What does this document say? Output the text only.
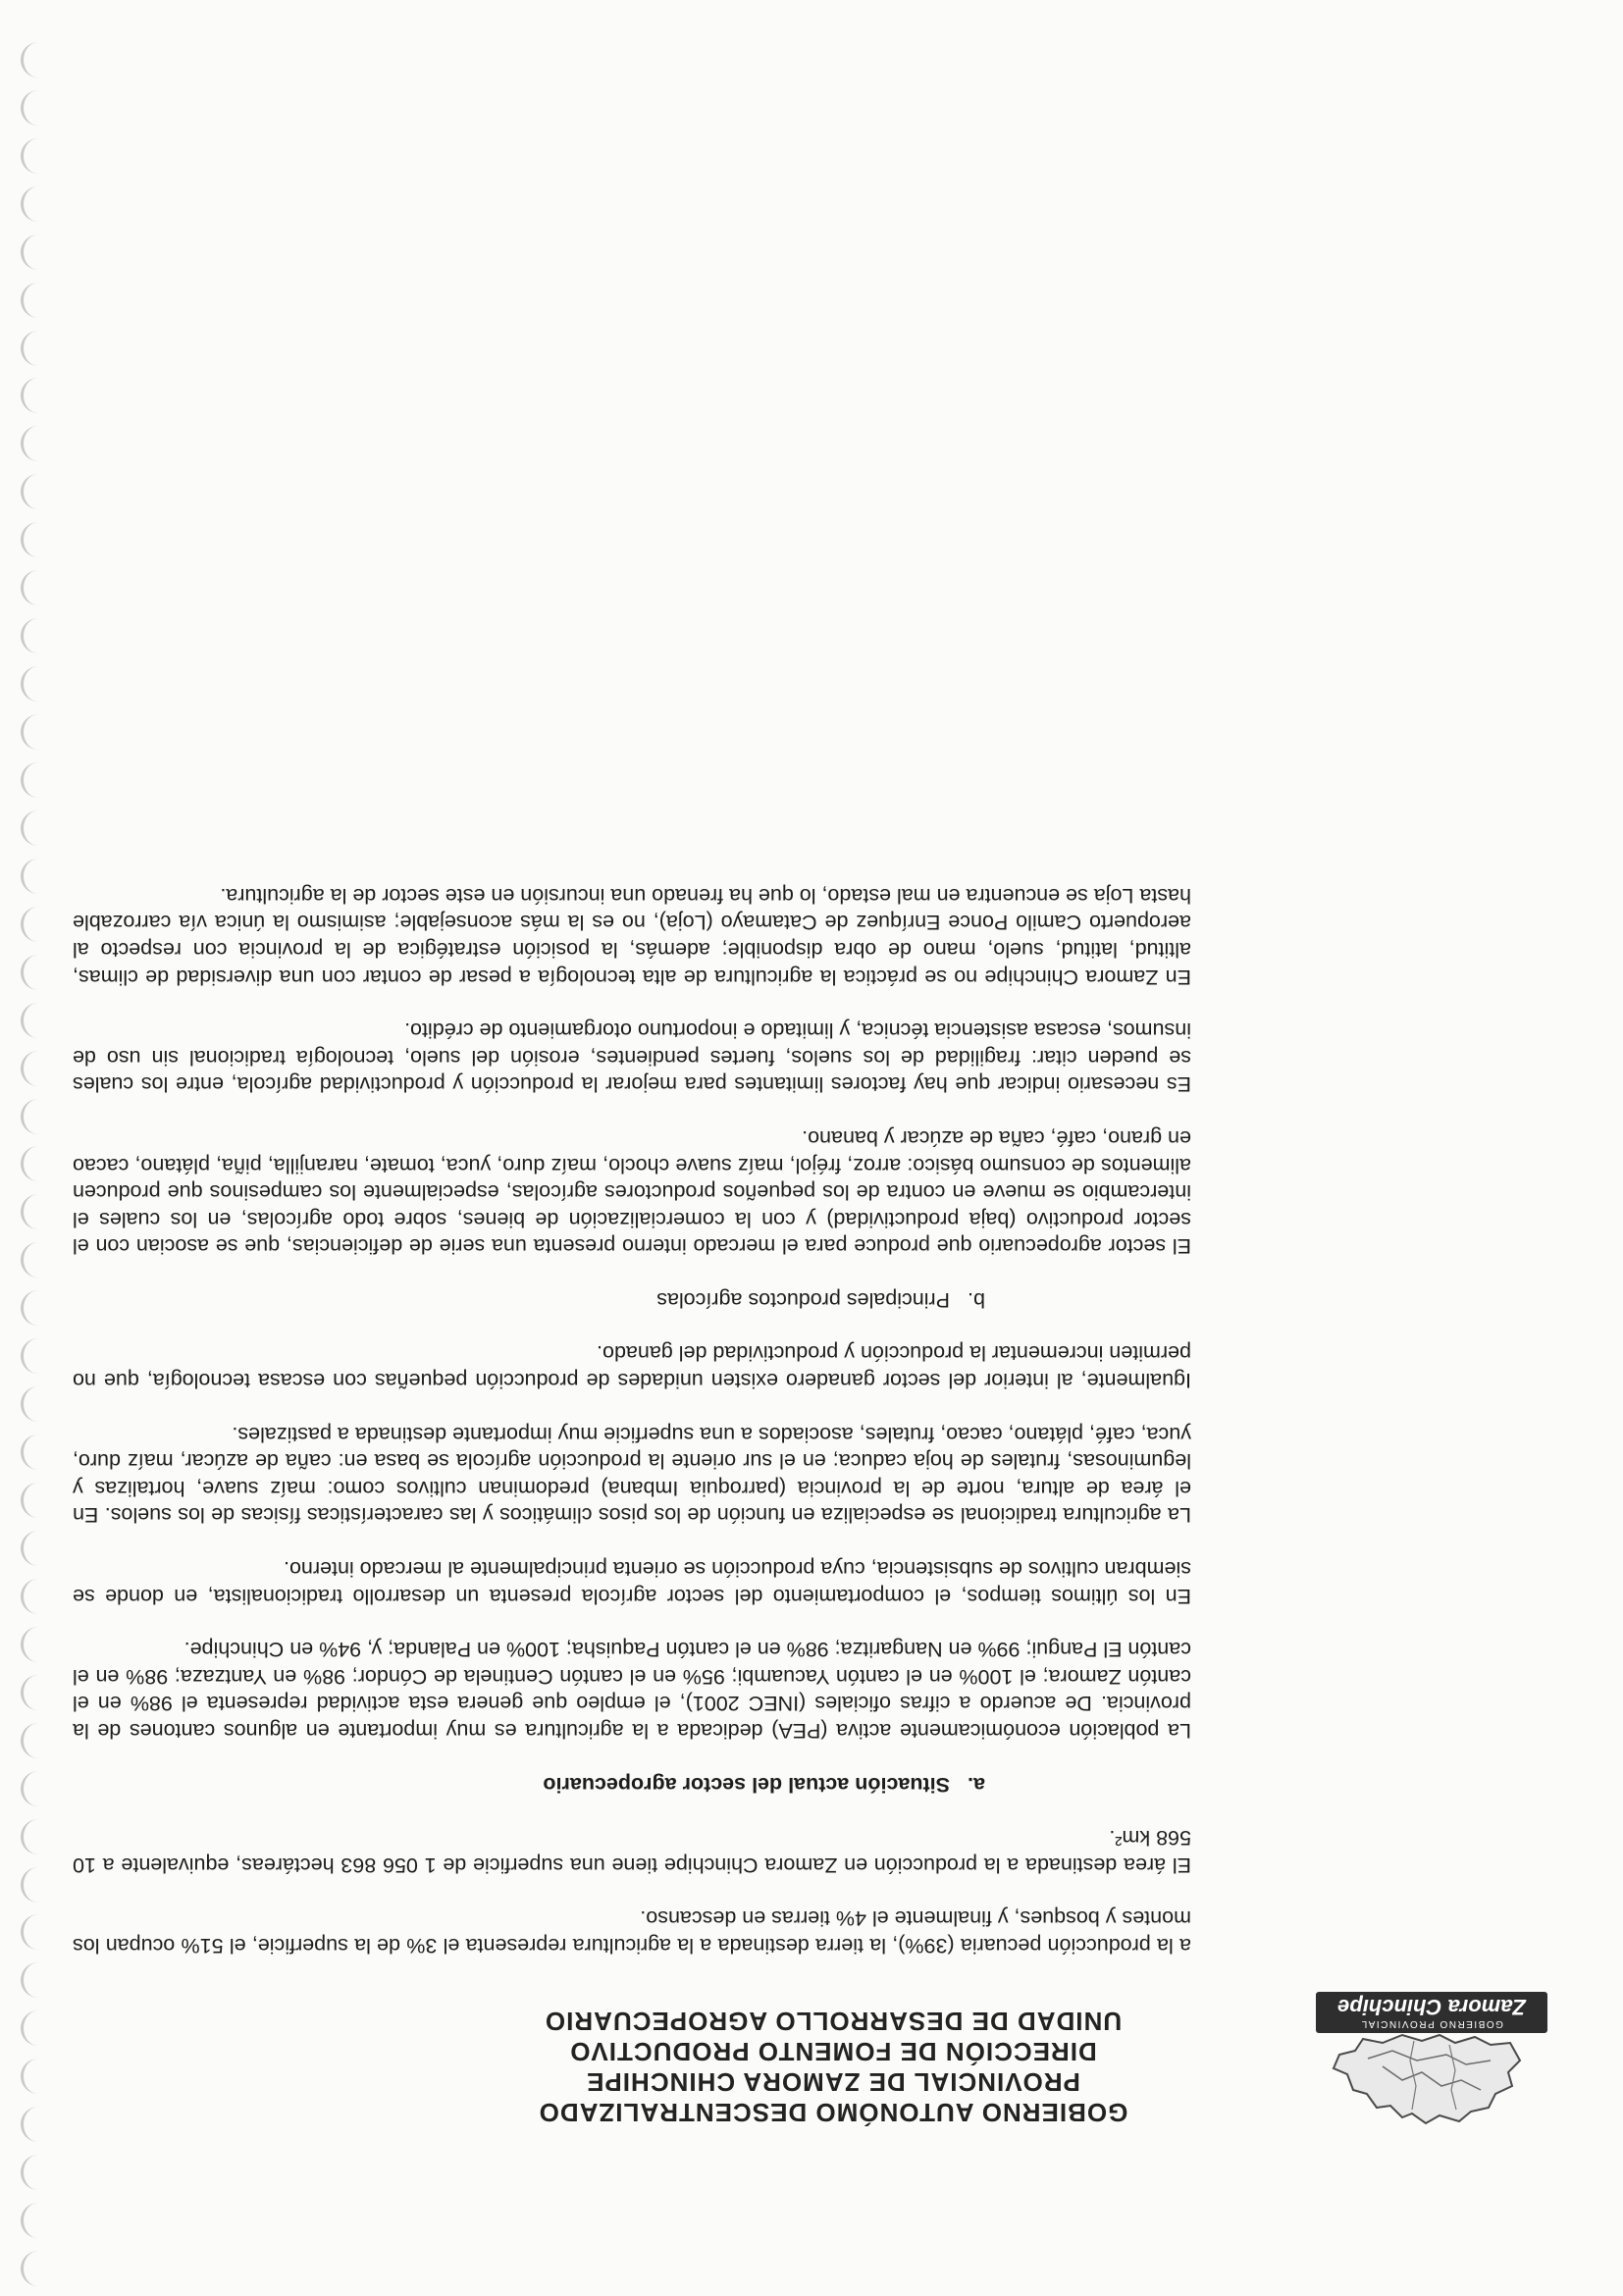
GOBIERNO PROVINCIAL
Zamora Chinchipe
GOBIERNO AUTONÓMO DESCENTRALIZADO
PROVINCIAL DE ZAMORA CHINCHIPE
DIRECCIÓN DE FOMENTO PRODUCTIVO
UNIDAD DE DESARROLLO AGROPECUARIO

a la producción pecuaria (39%), la tierra destinada a la agricultura representa el 3% de la superficie, el 51% ocupan los montes y bosques, y finalmente el 4% tierras en descanso.

El área destinada a la producción en Zamora Chinchipe tiene una superficie de 1 056 863 hectáreas, equivalente a 10 568 km².

a.Situación actual del sector agropecuario

La población económicamente activa (PEA) dedicada a la agricultura es muy importante en algunos cantones de la provincia. De acuerdo a cifras oficiales (INEC 2001), el empleo que genera esta actividad representa el 98% en el cantón Zamora; el 100% en el cantón Yacuambi; 95% en el cantón Centinela de Cóndor; 98% en Yantzaza; 98% en el cantón El Pangui; 99% en Nangaritza; 98% en el cantón Paquisha; 100% en Palanda; y, 94% en Chinchipe.

En los últimos tiempos, el comportamiento del sector agrícola presenta un desarrollo tradicionalista, en donde se siembran cultivos de subsistencia, cuya producción se orienta principalmente al mercado interno.

La agricultura tradicional se especializa en función de los pisos climáticos y las características físicas de los suelos. En el área de altura, norte de la provincia (parroquia Imbana) predominan cultivos como: maíz suave, hortalizas y leguminosas, frutales de hoja caduca; en el sur oriente la producción agrícola se basa en: caña de azúcar, maíz duro, yuca, café, plátano, cacao, frutales, asociados a una superficie muy importante destinada a pastizales.

Igualmente, al interior del sector ganadero existen unidades de producción pequeñas con escasa tecnología, que no permiten incrementar la producción y productividad del ganado.

b.Principales productos agrícolas

El sector agropecuario que produce para el mercado interno presenta una serie de deficiencias, que se asocian con el sector productivo (baja productividad) y con la comercialización de bienes, sobre todo agrícolas, en los cuales el intercambio se mueve en contra de los pequeños productores agrícolas, especialmente los campesinos que producen alimentos de consumo básico: arroz, fréjol, maíz suave choclo, maíz duro, yuca, tomate, naranjilla, piña, plátano, cacao en grano, café, caña de azúcar y banano.

Es necesario indicar que hay factores limitantes para mejorar la producción y productividad agrícola, entre los cuales se pueden citar: fragilidad de los suelos, fuertes pendientes, erosión del suelo, tecnología tradicional sin uso de insumos, escasa asistencia técnica, y limitado e inoportuno otorgamiento de crédito.

En Zamora Chinchipe no se práctica la agricultura de alta tecnología a pesar de contar con una diversidad de climas, altitud, latitud, suelo, mano de obra disponible; además, la posición estratégica de la provincia con respecto al aeropuerto Camilo Ponce Enríquez de Catamayo (Loja), no es la más aconsejable; asimismo la única vía carrozable hasta Loja se encuentra en mal estado, lo que ha frenado una incursión en este sector de la agricultura.
